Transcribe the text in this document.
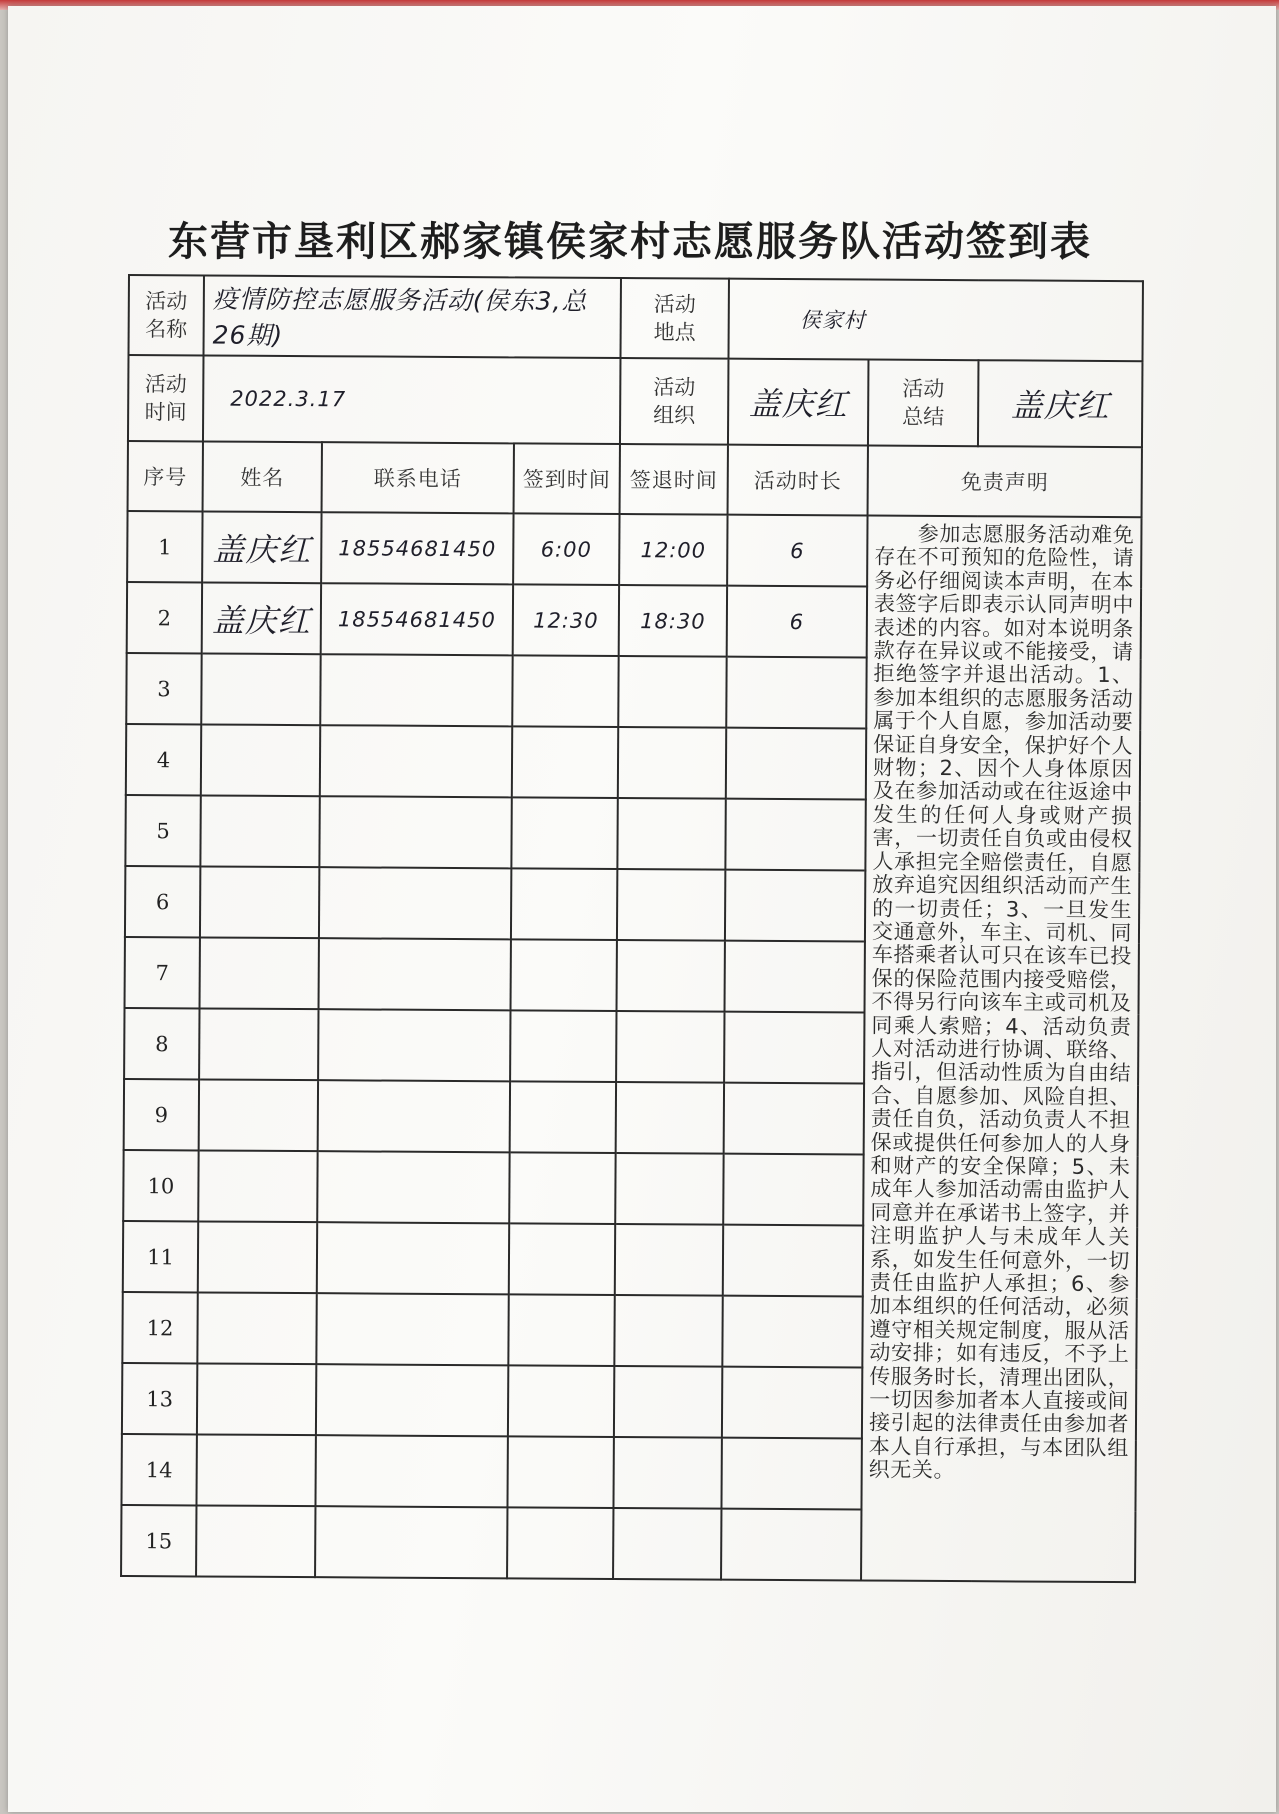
东营市垦利区郝家镇侯家村志愿服务队活动签到表
活动名称	疫情防控志愿服务活动(侯东3,总26期)			活动地点	侯家村		
活动时间	2022.3.17			活动组织	盖庆红	活动总结	盖庆红
序号	姓名	联系电话	签到时间	签退时间	活动时长	免责声明	
1	盖庆红	18554681450	6:00	12:00	6	　　参加志愿服务活动难免存在不可预知的危险性，请务必仔细阅读本声明，在本表签字后即表示认同声明中表述的内容。如对本说明条款存在异议或不能接受，请拒绝签字并退出活动。1、参加本组织的志愿服务活动属于个人自愿，参加活动要保证自身安全，保护好个人财物；2、因个人身体原因及在参加活动或在往返途中发生的任何人身或财产损害，一切责任自负或由侵权人承担完全赔偿责任，自愿放弃追究因组织活动而产生的一切责任；3、一旦发生交通意外，车主、司机、同车搭乘者认可只在该车已投保的保险范围内接受赔偿，不得另行向该车主或司机及同乘人索赔；4、活动负责人对活动进行协调、联络、指引，但活动性质为自由结合、自愿参加、风险自担、责任自负，活动负责人不担保或提供任何参加人的人身和财产的安全保障；5、未成年人参加活动需由监护人同意并在承诺书上签字，并注明监护人与未成年人关系，如发生任何意外，一切责任由监护人承担；6、参加本组织的任何活动，必须遵守相关规定制度，服从活动安排；如有违反，不予上传服务时长，清理出团队，一切因参加者本人直接或间接引起的法律责任由参加者本人自行承担，与本团队组织无关。	
2	盖庆红	18554681450	12:30	18:30	6		
3							
4							
5							
6							
7							
8							
9							
10							
11							
12							
13							
14							
15							
